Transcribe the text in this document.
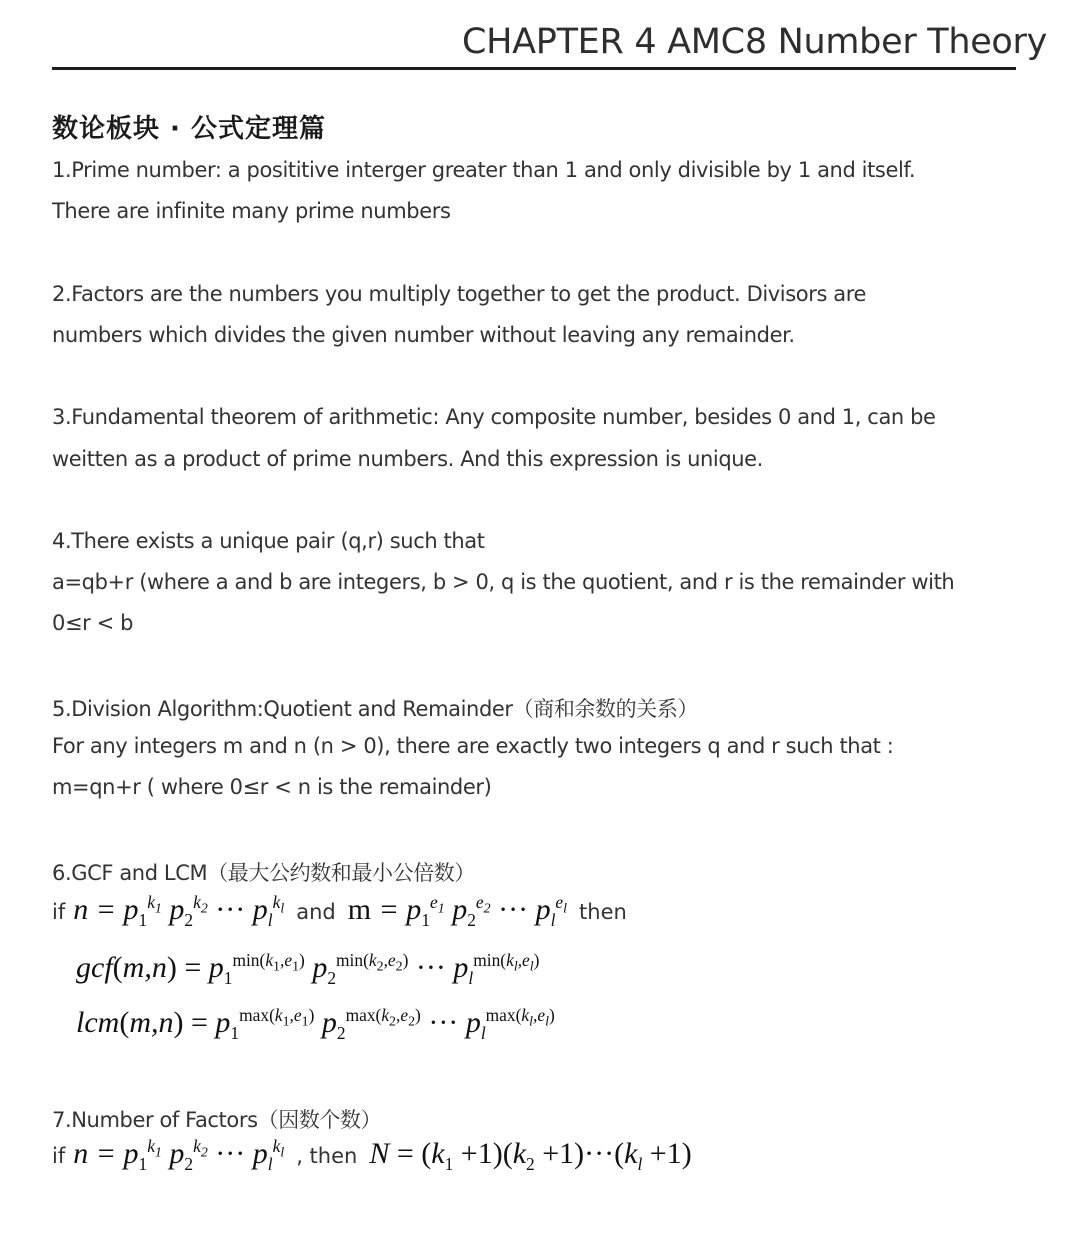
CHAPTER 4 AMC8 Number Theory
数论板块 · 公式定理篇
1.Prime number: a posititive interger greater than 1 and only divisible by 1 and itself.
There are infinite many prime numbers
2.Factors are the numbers you multiply together to get the product. Divisors are
numbers which divides the given number without leaving any remainder.
3.Fundamental theorem of arithmetic: Any composite number, besides 0 and 1, can be
weitten as a product of prime numbers. And this expression is unique.
4.There exists a unique pair (q,r) such that
a=qb+r (where a and b are integers, b > 0, q is the quotient, and r is the remainder with
0≤r < b
5.Division Algorithm:Quotient and Remainder（商和余数的关系）
For any integers m and n (n > 0), there are exactly two integers q and r such that :
m=qn+r ( where 0≤r < n is the remainder)
6.GCF and LCM（最大公约数和最小公倍数）
if $n = p_1^{k_1}$ $p_2^{k_2}$ ··· $p_l^{k_l}$ and $m = p_1^{e_1}$ $p_2^{e_2}$ ··· $p_l^{e_l}$ then
$gcf(m,n) = p_1^{min(k_1,e_1)}$ $p_2^{min(k_2,e_2)}$ ··· $p_l^{min(k_l,e_l)}$
$lcm(m,n) = p_1^{max(k_1,e_1)}$ $p_2^{max(k_2,e_2)}$ ··· $p_l^{max(k_l,e_l)}$
7.Number of Factors（因数个数）
if $n = p_1^{k_1}$ $p_2^{k_2}$ ··· $p_l^{k_l}$ , then $N = (k_1 +1)(k_2 +1)\cdot\cdot\cdot(k_l +1)$
